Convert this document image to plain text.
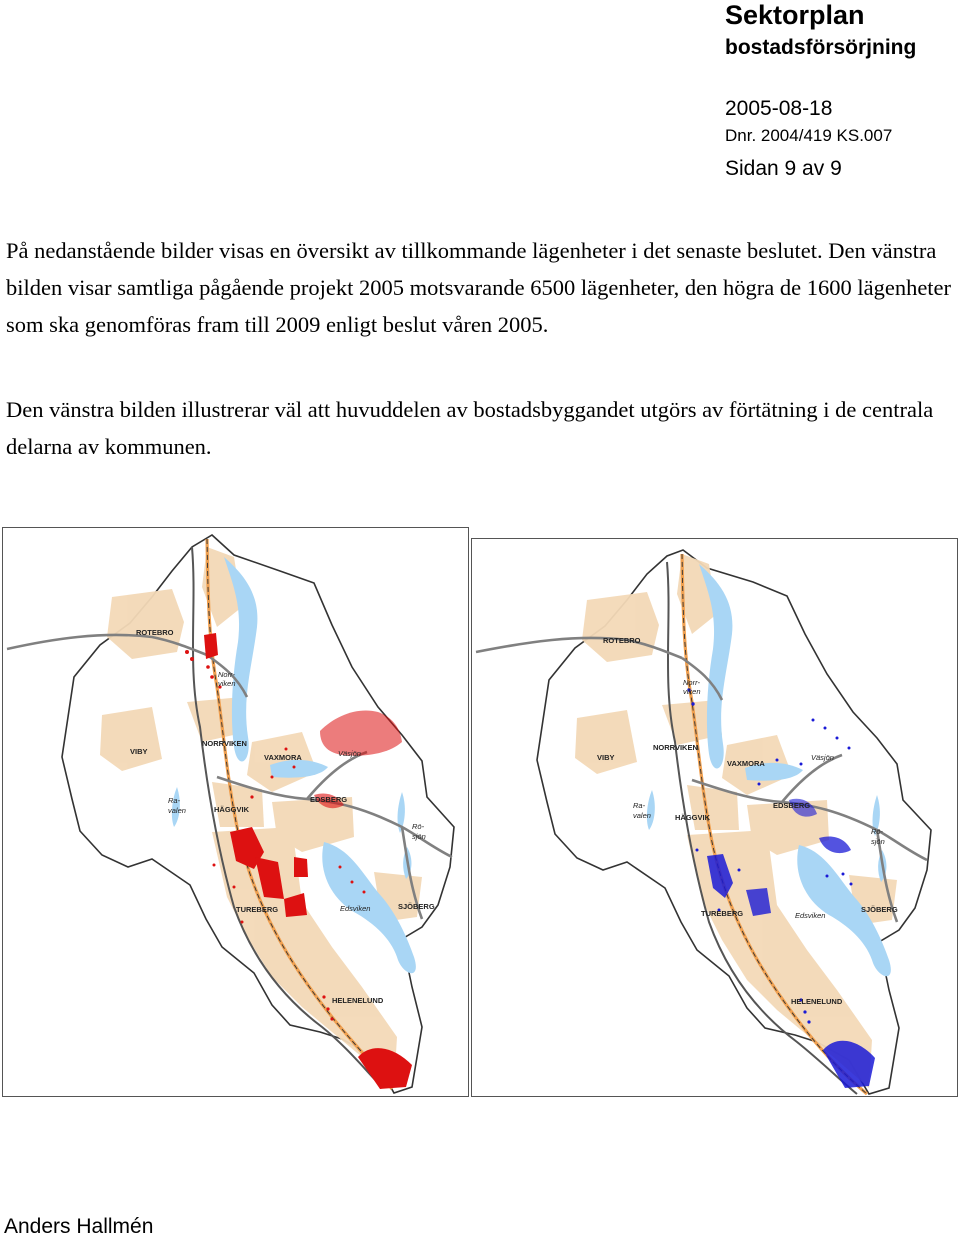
Sektorplan
bostadsförsörjning
2005-08-18
Dnr. 2004/419 KS.007
Sidan 9 av 9

På nedanstående bilder visas en översikt av tillkommande lägenheter i det senaste beslutet. Den vänstra bilden visar samtliga pågående projekt 2005 motsvarande 6500 lägenheter, den högra de 1600 lägenheter som ska genomföras fram till 2009 enligt beslut våren 2005.

Den vänstra bilden illustrerar väl att huvuddelen av bostadsbyggandet utgörs av förtätning i de centrala delarna av kommunen.

ROTEBRO
Norr-
viken
NORRVIKEN
VIBY
VAXMORA	Väsjön
Ra-
valen	HÄGGVIK
EDSBERG
Rö-
sjön
TUREBERG	Edsviken	SJÖBERG
HELENELUND
ROTEBRO
Norr-
viken
NORRVIKEN
VIBY
VAXMORA
Väsjön
Ra-
valen	HÄGGVIK
EDSBERG
Rö-
sjön
TUREBERG	Edsviken
SJÖBERG
HELENELUND
Anders Hallmén
